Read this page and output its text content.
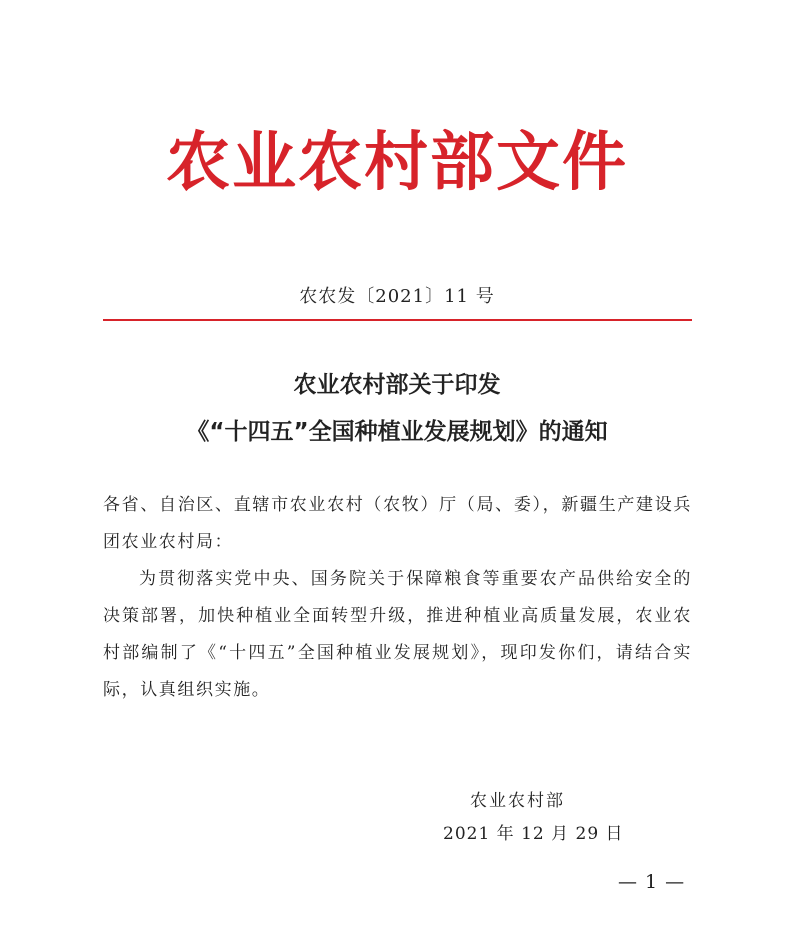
农业农村部文件
农农发〔2021〕11 号
农业农村部关于印发
《“十四五”全国种植业发展规划》的通知
各省、自治区、直辖市农业农村（农牧）厅（局、委），新疆生产建设兵团农业农村局：
为贯彻落实党中央、国务院关于保障粮食等重要农产品供给安全的决策部署，加快种植业全面转型升级，推进种植业高质量发展，农业农村部编制了《“十四五”全国种植业发展规划》，现印发你们，请结合实际，认真组织实施。
农业农村部
2021 年 12 月 29 日
— 1 —
